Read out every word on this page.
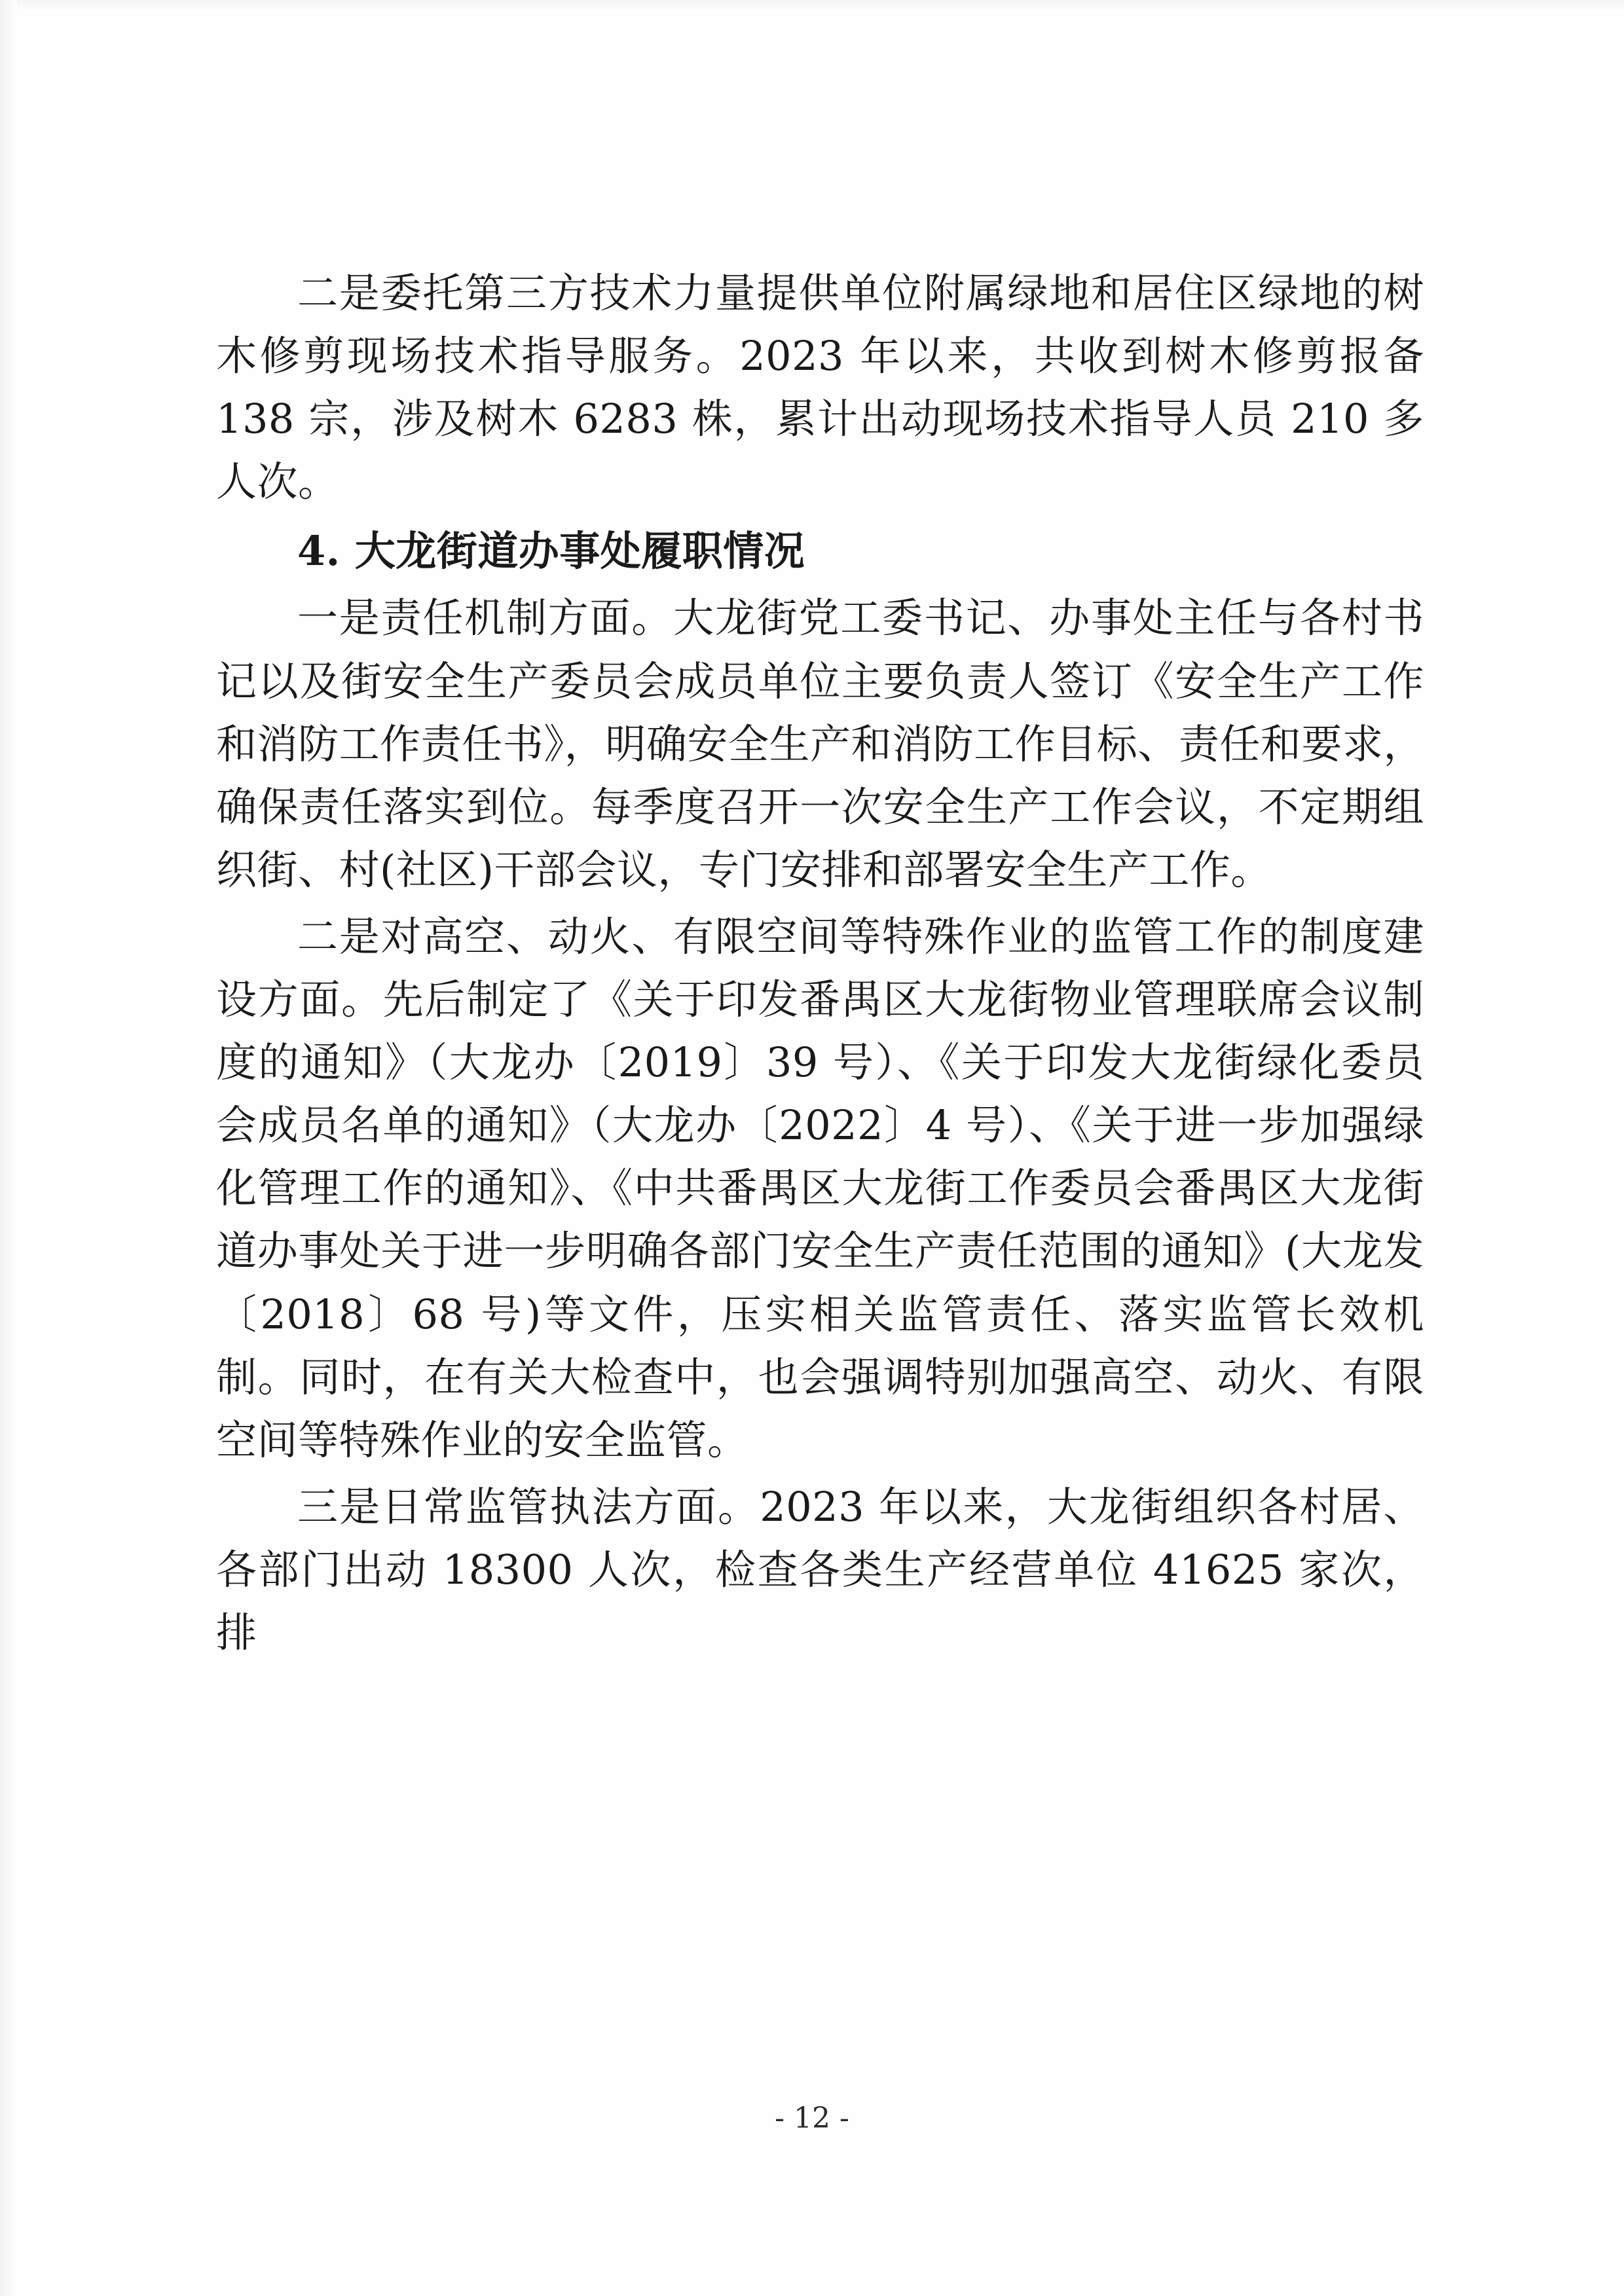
二是委托第三方技术力量提供单位附属绿地和居住区绿地的树木修剪现场技术指导服务。2023 年以来，共收到树木修剪报备 138 宗，涉及树木 6283 株，累计出动现场技术指导人员 210 多人次。

4. 大龙街道办事处履职情况

一是责任机制方面。大龙街党工委书记、办事处主任与各村书记以及街安全生产委员会成员单位主要负责人签订《安全生产工作和消防工作责任书》，明确安全生产和消防工作目标、责任和要求，确保责任落实到位。每季度召开一次安全生产工作会议，不定期组织街、村(社区)干部会议，专门安排和部署安全生产工作。

二是对高空、动火、有限空间等特殊作业的监管工作的制度建设方面。先后制定了《关于印发番禺区大龙街物业管理联席会议制度的通知》（大龙办〔2019〕39 号）、《关于印发大龙街绿化委员会成员名单的通知》（大龙办〔2022〕4 号）、《关于进一步加强绿化管理工作的通知》、《中共番禺区大龙街工作委员会番禺区大龙街道办事处关于进一步明确各部门安全生产责任范围的通知》(大龙发〔2018〕68 号)等文件，压实相关监管责任、落实监管长效机制。同时，在有关大检查中，也会强调特别加强高空、动火、有限空间等特殊作业的安全监管。

三是日常监管执法方面。2023 年以来，大龙街组织各村居、各部门出动 18300 人次，检查各类生产经营单位 41625 家次，排

- 12 -
